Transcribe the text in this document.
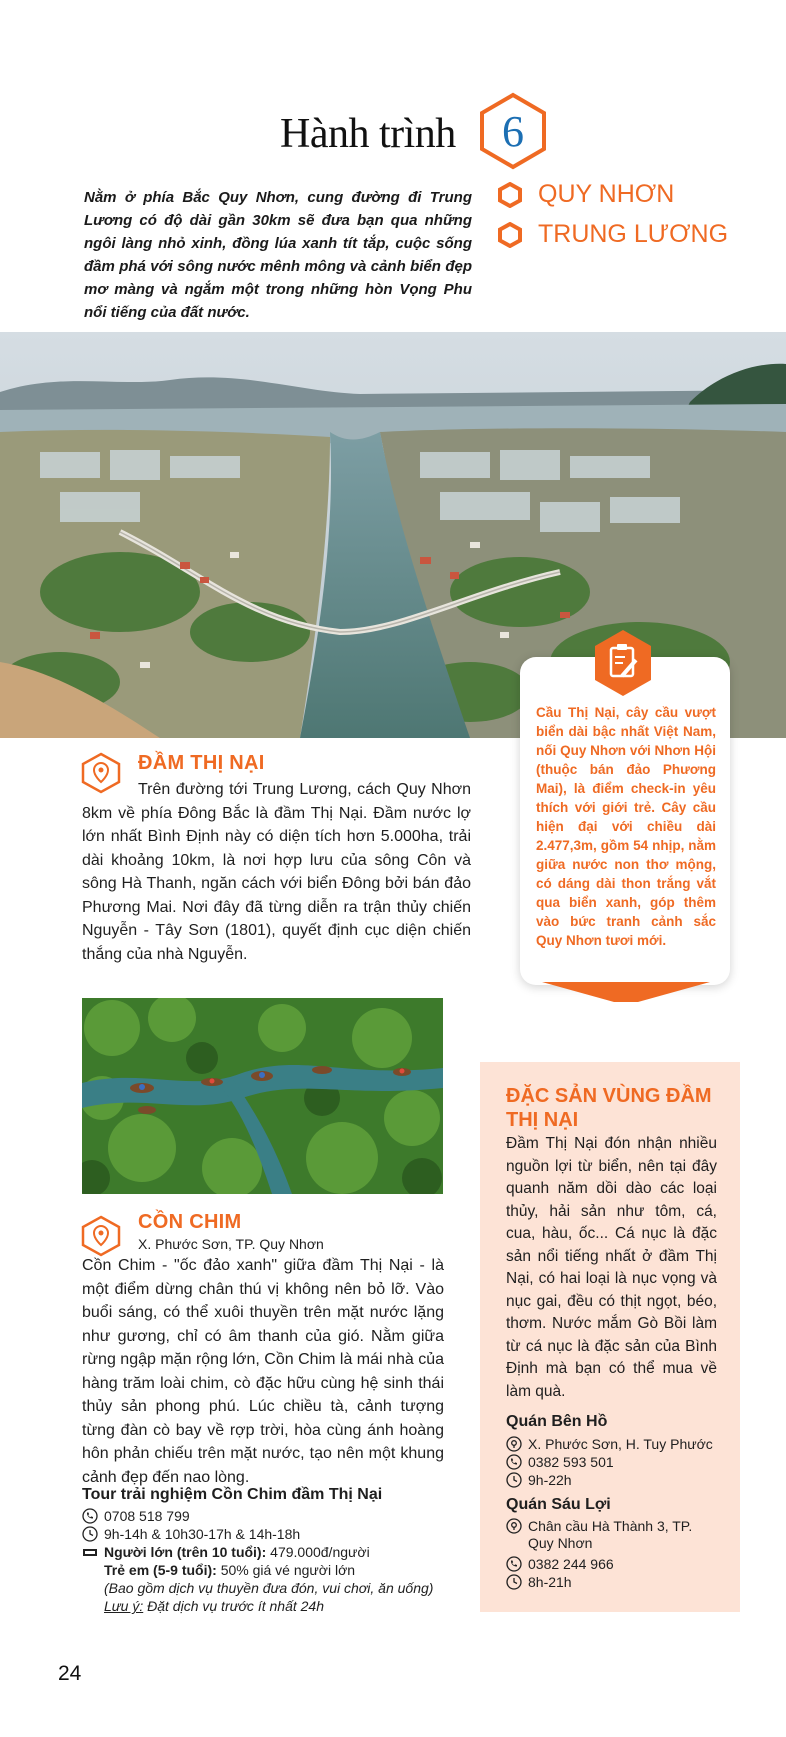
Hành trình	6
QUY NHƠN
TRUNG LƯƠNG

Nằm ở phía Bắc Quy Nhơn, cung đường đi Trung Lương có độ dài gần 30km sẽ đưa bạn qua những ngôi làng nhỏ xinh, đồng lúa xanh tít tắp, cuộc sống đầm phá với sông nước mênh mông và cảnh biển đẹp mơ màng và ngắm một trong những hòn Vọng Phu nổi tiếng của đất nước.

Cầu Thị Nại, cây cầu vượt biển dài bậc nhất Việt Nam, nối Quy Nhơn với Nhơn Hội (thuộc bán đảo Phương Mai), là điểm check-in yêu thích với giới trẻ. Cây cầu hiện đại với chiều dài 2.477,3m, gồm 54 nhịp, nằm giữa nước non thơ mộng, có dáng dài thon trắng vắt qua biển xanh, góp thêm vào bức tranh cảnh sắc Quy Nhơn tươi mới.

ĐẦM THỊ NẠI

Trên đường tới Trung Lương, cách Quy Nhơn 8km về phía Đông Bắc là đầm Thị Nại. Đầm nước lợ lớn nhất Bình Định này có diện tích hơn 5.000ha, trải dài khoảng 10km, là nơi hợp lưu của sông Côn và sông Hà Thanh, ngăn cách với biển Đông bởi bán đảo Phương Mai. Nơi đây đã từng diễn ra trận thủy chiến Nguyễn - Tây Sơn (1801), quyết định cục diện chiến thắng của nhà Nguyễn.

CỒN CHIM
X. Phước Sơn, TP. Quy Nhơn

Cồn Chim - "ốc đảo xanh" giữa đầm Thị Nại - là một điểm dừng chân thú vị không nên bỏ lỡ. Vào buổi sáng, có thể xuôi thuyền trên mặt nước lặng như gương, chỉ có âm thanh của gió. Nằm giữa rừng ngập mặn rộng lớn, Cồn Chim là mái nhà của hàng trăm loài chim, cò đặc hữu cùng hệ sinh thái thủy sản phong phú. Lúc chiều tà, cảnh tượng từng đàn cò bay về rợp trời, hòa cùng ánh hoàng hôn phản chiếu trên mặt nước, tạo nên một khung cảnh đẹp đến nao lòng.

Tour trải nghiệm Cồn Chim đầm Thị Nại
0708 518 799
9h-14h & 10h30-17h & 14h-18h
Người lớn (trên 10 tuổi): 479.000đ/người
Trẻ em (5-9 tuổi): 50% giá vé người lớn
(Bao gồm dịch vụ thuyền đưa đón, vui chơi, ăn uống)
Lưu ý: Đặt dịch vụ trước ít nhất 24h
ĐẶC SẢN VÙNG ĐẦM THỊ NẠI

Đầm Thị Nại đón nhận nhiều nguồn lợi từ biển, nên tại đây quanh năm dồi dào các loại thủy, hải sản như tôm, cá, cua, hàu, ốc... Cá nục là đặc sản nổi tiếng nhất ở đầm Thị Nại, có hai loại là nục vọng và nục gai, đều có thịt ngọt, béo, thơm. Nước mắm Gò Bồi làm từ cá nục là đặc sản của Bình Định mà bạn có thể mua về làm quà.

Quán Bên Hồ
X. Phước Sơn, H. Tuy Phước
0382 593 501
9h-22h
Quán Sáu Lợi
Chân cầu Hà Thành 3, TP. Quy Nhơn
0382 244 966
8h-21h
24
